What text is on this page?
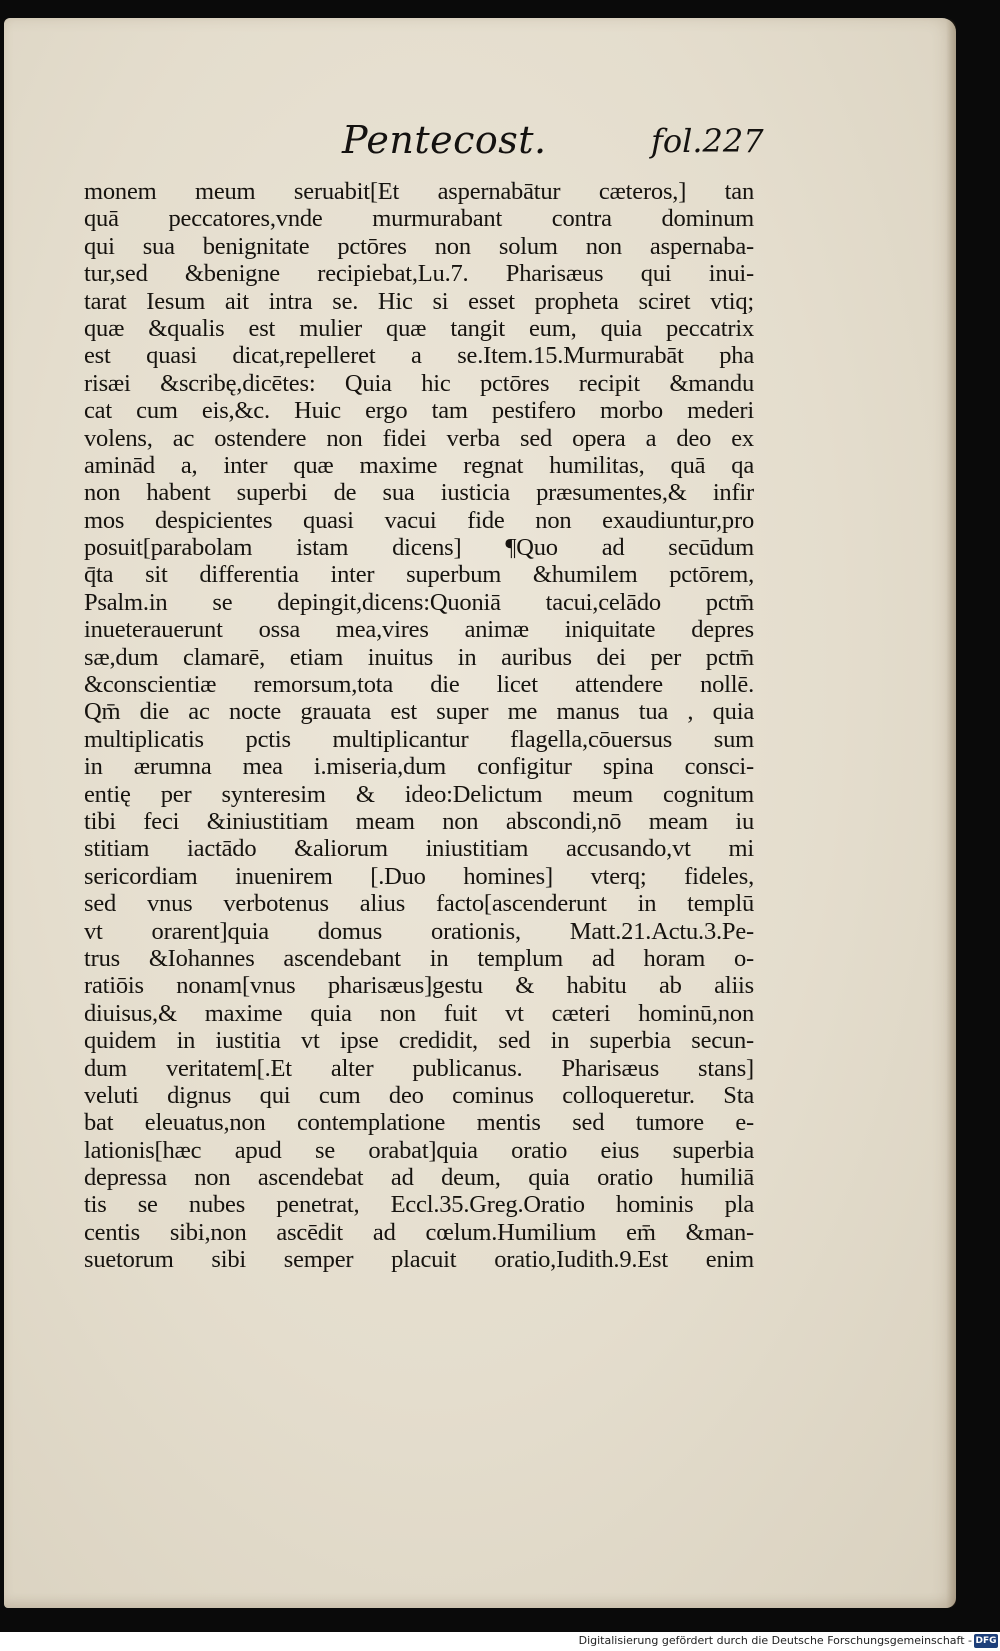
Pentecost.	fol.227
monem meum seruabit[Et aspernabātur cæteros,] tan
quā peccatores,vnde murmurabant contra dominum
qui sua benignitate pctōres non solum non aspernaba‑
tur,sed &benigne recipiebat,Lu.7. Pharisæus qui inui‑
tarat Iesum ait intra se. Hic si esset propheta sciret vtiq;
quæ &qualis est mulier quæ tangit eum, quia peccatrix
est quasi dicat,repelleret a se.Item.15.Murmurabāt pha
risæi &scribę,dicētes: Quia hic pctōres recipit &mandu
cat cum eis,&c. Huic ergo tam pestifero morbo mederi
volens, ac ostendere non fidei verba sed opera a deo ex
aminād a, inter quæ maxime regnat humilitas, quā qa
non habent superbi de sua iusticia præsumentes,& infir
mos despicientes quasi vacui fide non exaudiuntur,pro
posuit[parabolam istam dicens] ¶Quo ad secūdum
q̄ta sit differentia inter superbum &humilem pctōrem,
Psalm.in se depingit,dicens:Quoniā tacui,celādo pctm̄
inueterauerunt ossa mea,vires animæ iniquitate depres
sæ,dum clamarē, etiam inuitus in auribus dei per pctm̄
&conscientiæ remorsum,tota die licet attendere nollē.
Qm̄ die ac nocte grauata est super me manus tua , quia
multiplicatis pctis multiplicantur flagella,cōuersus sum
in ærumna mea i.miseria,dum configitur spina consci‑
entię per synteresim & ideo:Delictum meum cognitum
tibi feci &iniustitiam meam non abscondi,nō meam iu
stitiam iactādo &aliorum iniustitiam accusando,vt mi
sericordiam inuenirem [.Duo homines] vterq; fideles,
sed vnus verbotenus alius facto[ascenderunt in templū
vt orarent]quia domus orationis, Matt.21.Actu.3.Pe‑
trus &Iohannes ascendebant in templum ad horam o‑
ratiōis nonam[vnus pharisæus]gestu & habitu ab aliis
diuisus,& maxime quia non fuit vt cæteri hominū,non
quidem in iustitia vt ipse credidit, sed in superbia secun‑
dum veritatem[.Et alter publicanus. Pharisæus stans]
veluti dignus qui cum deo cominus colloqueretur. Sta
bat eleuatus,non contemplatione mentis sed tumore e‑
lationis[hæc apud se orabat]quia oratio eius superbia
depressa non ascendebat ad deum, quia oratio humiliā
tis se nubes penetrat, Eccl.35.Greg.Oratio hominis pla
centis sibi,non ascēdit ad cœlum.Humilium em̄ &man‑
suetorum sibi semper placuit oratio,Iudith.9.Est enim
Digitalisierung gefördert durch die Deutsche Forschungsgemeinschaft - DFG
